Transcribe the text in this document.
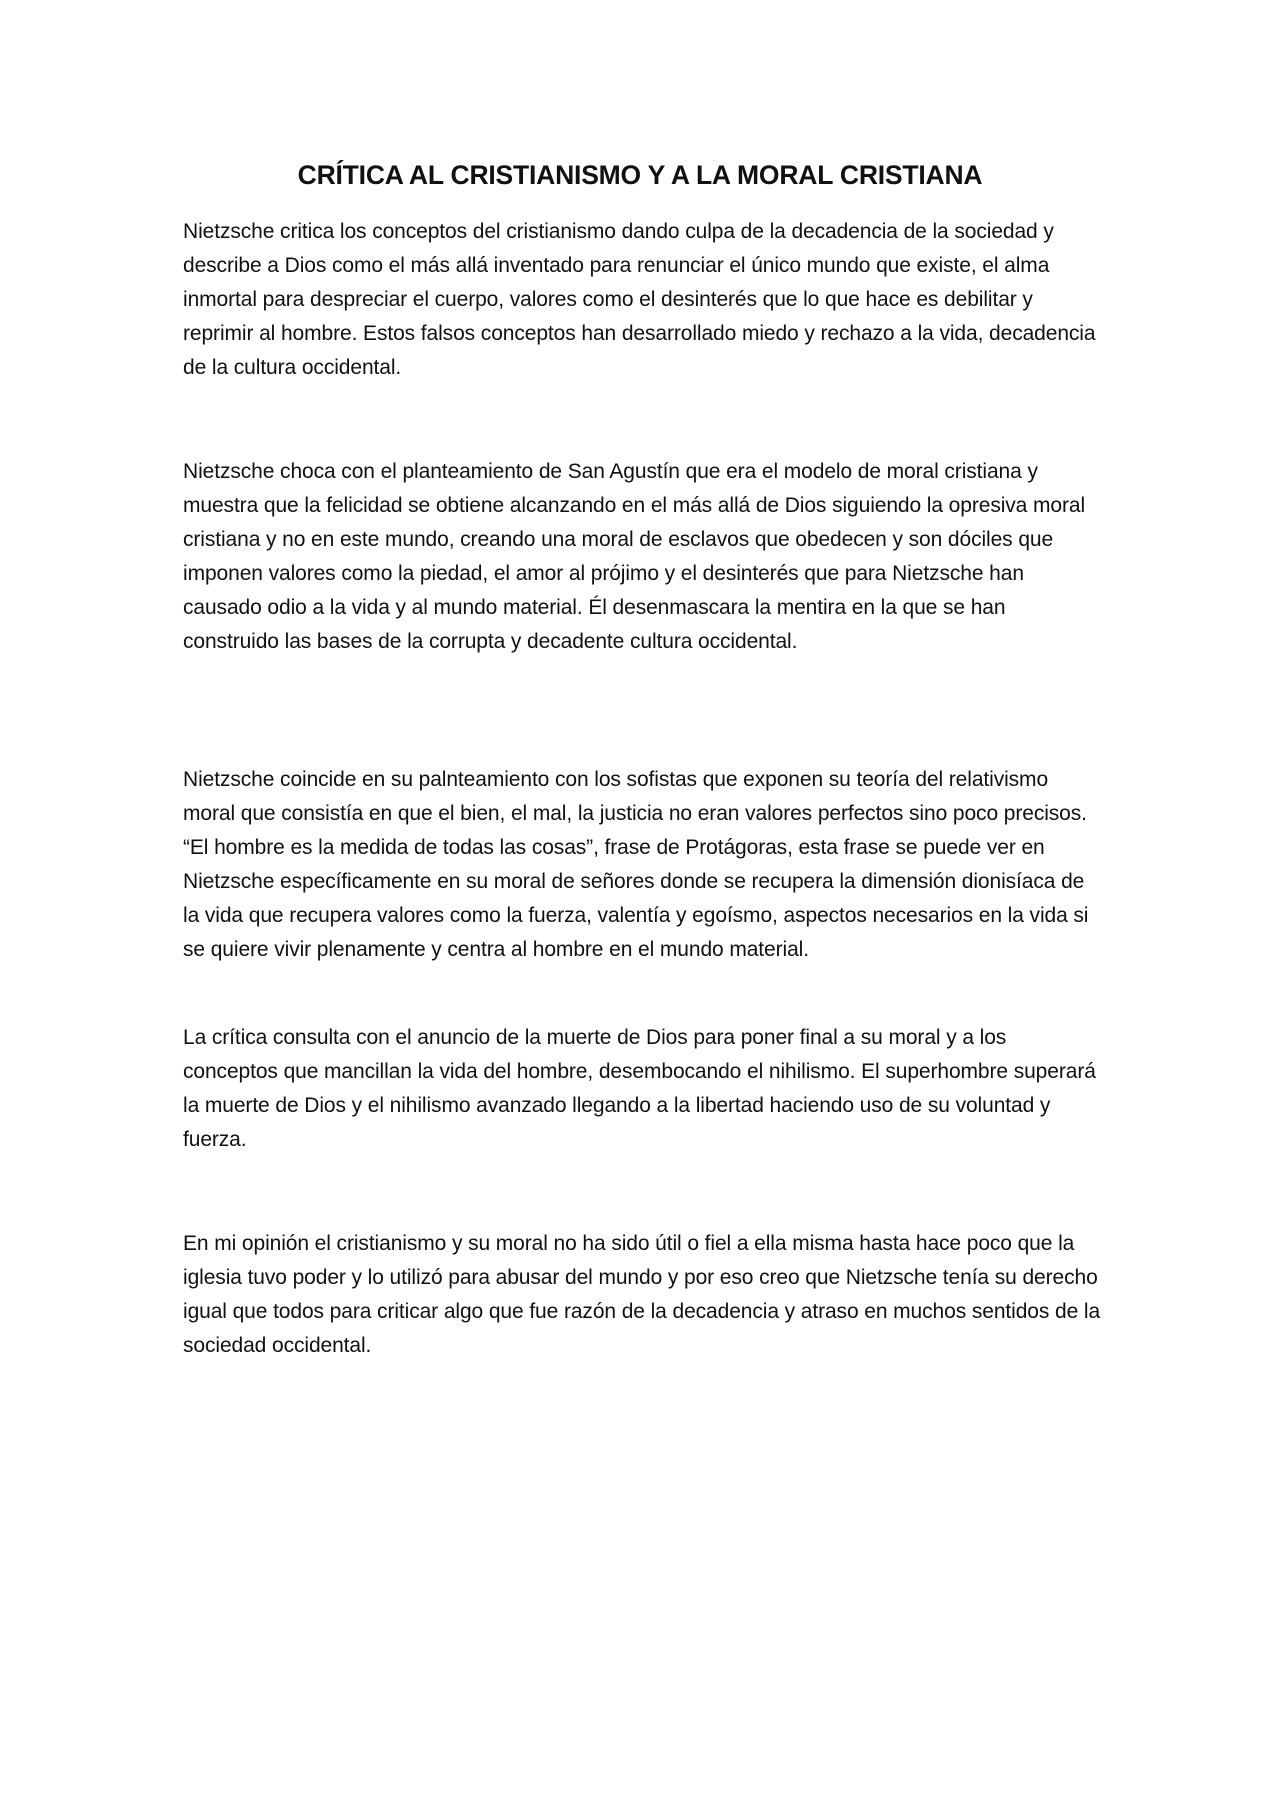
CRÍTICA AL CRISTIANISMO Y A LA MORAL CRISTIANA

Nietzsche critica los conceptos del cristianismo dando culpa de la decadencia de la sociedad y describe a Dios como el más allá inventado para renunciar el único mundo que existe, el alma inmortal para despreciar el cuerpo, valores como el desinterés que lo que hace es debilitar y reprimir al hombre. Estos falsos conceptos han desarrollado miedo y rechazo a la vida, decadencia de la cultura occidental.

Nietzsche choca con el planteamiento de San Agustín que era el modelo de moral cristiana y muestra que la felicidad se obtiene alcanzando en el más allá de Dios siguiendo la opresiva moral cristiana y no en este mundo, creando una moral de esclavos que obedecen y son dóciles que imponen valores como la piedad, el amor al prójimo y el desinterés que para Nietzsche han causado odio a la vida y al mundo material. Él desenmascara la mentira en la que se han construido las bases de la corrupta y decadente cultura occidental.

Nietzsche coincide en su palnteamiento con los sofistas que exponen su teoría del relativismo moral que consistía en que el bien, el mal, la justicia no eran valores perfectos sino poco precisos. “El hombre es la medida de todas las cosas”, frase de Protágoras, esta frase se puede ver en Nietzsche específicamente en su moral de señores donde se recupera la dimensión dionisíaca de la vida que recupera valores como la fuerza, valentía y egoísmo, aspectos necesarios en la vida si se quiere vivir plenamente y centra al hombre en el mundo material.

La crítica consulta con el anuncio de la muerte de Dios para poner final a su moral y a los conceptos que mancillan la vida del hombre, desembocando el nihilismo. El superhombre superará la muerte de Dios y el nihilismo avanzado llegando a la libertad haciendo uso de su voluntad y fuerza.

En mi opinión el cristianismo y su moral no ha sido útil o fiel a ella misma hasta hace poco que la iglesia tuvo poder y lo utilizó para abusar del mundo y por eso creo que Nietzsche tenía su derecho igual que todos para criticar algo que fue razón de la decadencia y atraso en muchos sentidos de la sociedad occidental.
